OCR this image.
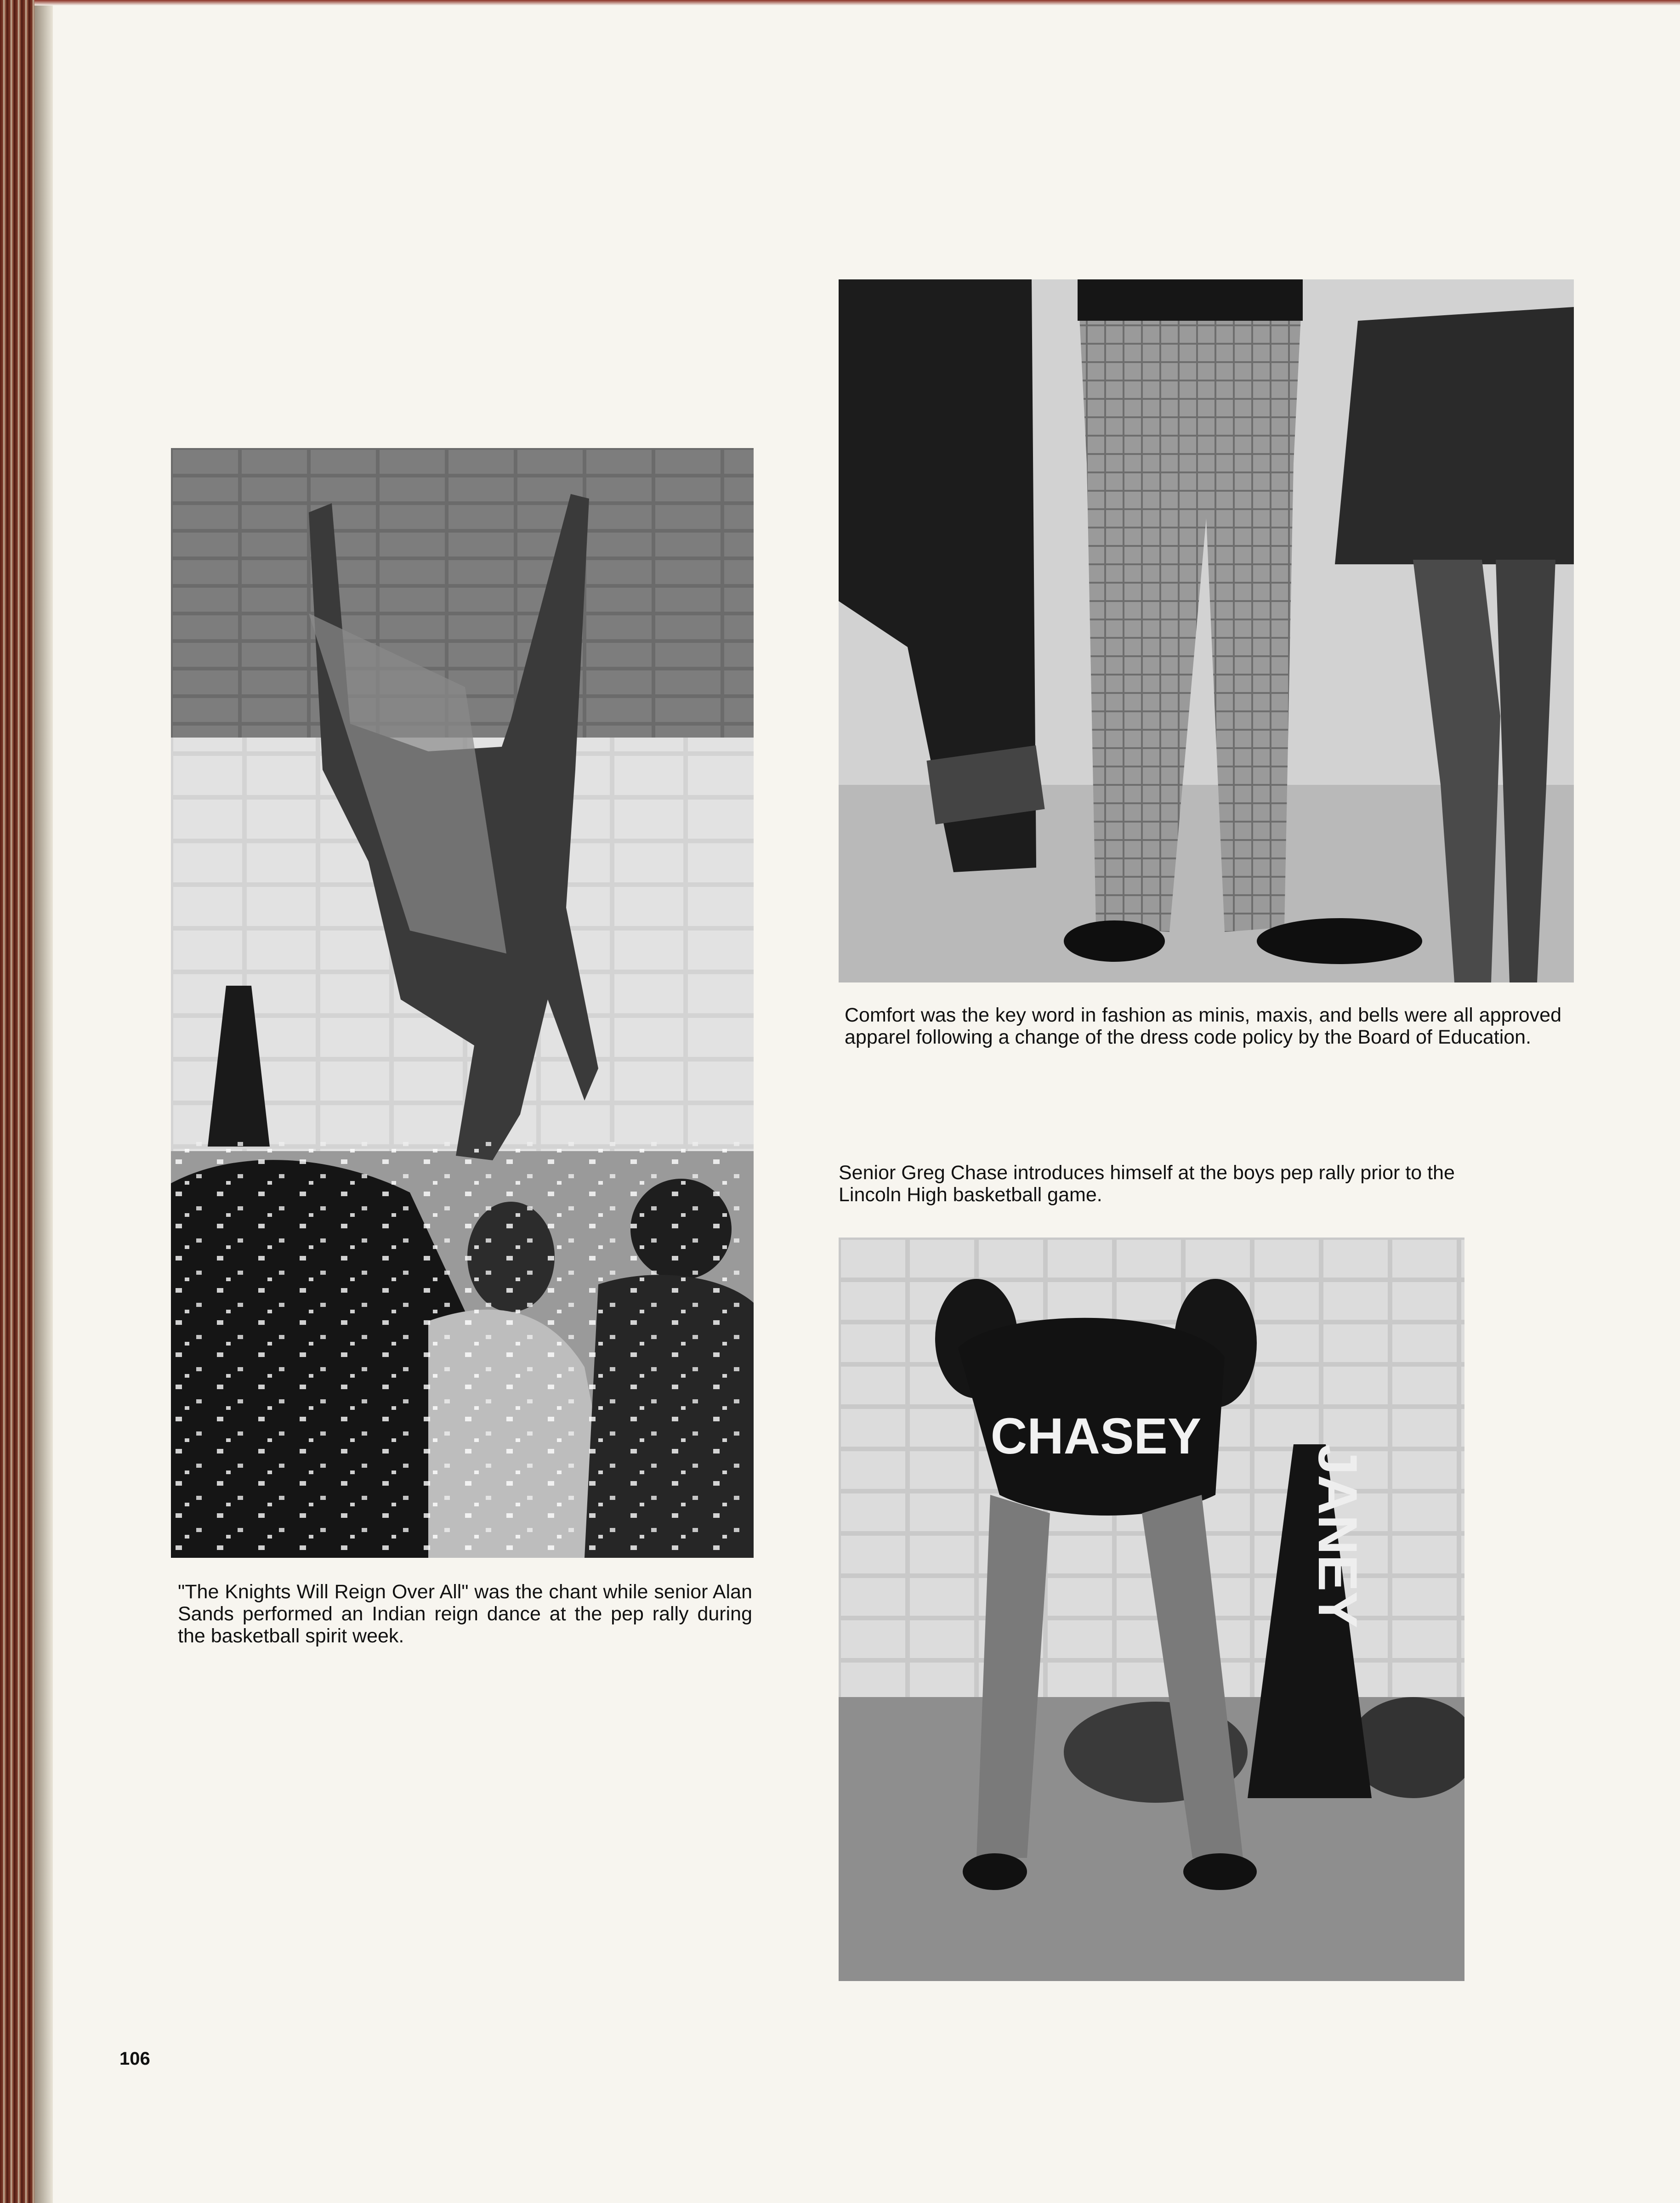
"The Knights Will Reign Over All" was the chant while senior Alan Sands performed an Indian reign dance at the pep rally during the basketball spirit week.

Comfort was the key word in fashion as minis, maxis, and bells were all approved apparel following a change of the dress code policy by the Board of Education.

Senior Greg Chase introduces himself at the boys pep rally prior to the Lincoln High basketball game.

JANEY
CHASEY
106
